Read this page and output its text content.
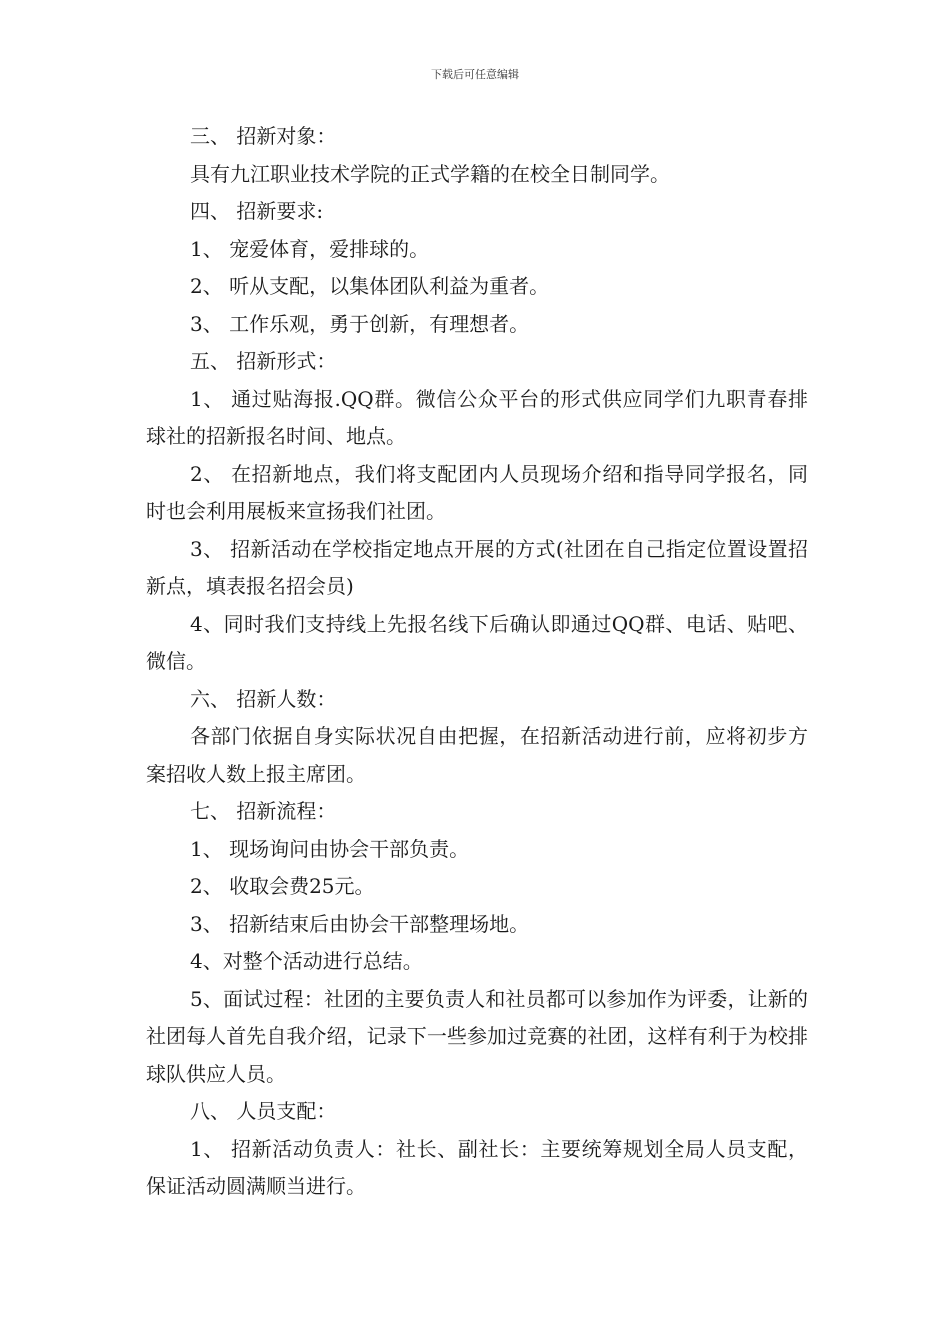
下载后可任意编辑

三、 招新对象：

具有九江职业技术学院的正式学籍的在校全日制同学。

四、 招新要求:

1、 宠爱体育，爱排球的。

2、 听从支配，以集体团队利益为重者。

3、 工作乐观，勇于创新，有理想者。

五、 招新形式：

1、 通过贴海报.QQ群。微信公众平台的形式供应同学们九职青春排球社的招新报名时间、地点。

2、 在招新地点，我们将支配团内人员现场介绍和指导同学报名，同时也会利用展板来宣扬我们社团。

3、 招新活动在学校指定地点开展的方式(社团在自己指定位置设置招新点，填表报名招会员)

4、同时我们支持线上先报名线下后确认即通过QQ群、电话、贴吧、微信。

六、 招新人数：

各部门依据自身实际状况自由把握，在招新活动进行前，应将初步方案招收人数上报主席团。

七、 招新流程：

1、 现场询问由协会干部负责。

2、 收取会费25元。

3、 招新结束后由协会干部整理场地。

4、对整个活动进行总结。

5、面试过程：社团的主要负责人和社员都可以参加作为评委，让新的社团每人首先自我介绍，记录下一些参加过竞赛的社团，这样有利于为校排球队供应人员。

八、 人员支配：

1、 招新活动负责人：社长、副社长：主要统筹规划全局人员支配，保证活动圆满顺当进行。
